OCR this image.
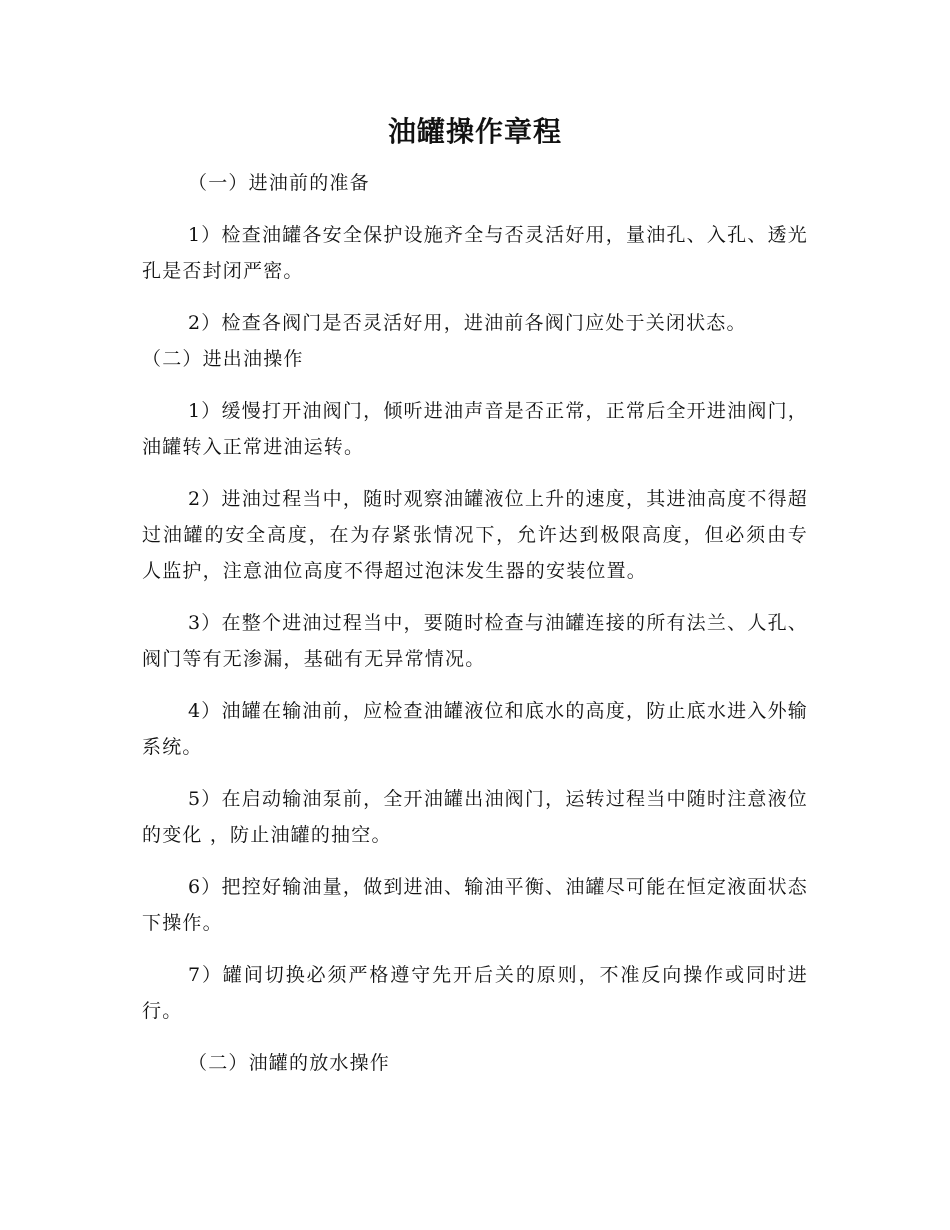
油罐操作章程

（一）进油前的准备

1）检查油罐各安全保护设施齐全与否灵活好用，量油孔、入孔、透光孔是否封闭严密。

2）检查各阀门是否灵活好用，进油前各阀门应处于关闭状态。

（二）进出油操作

1）缓慢打开油阀门，倾听进油声音是否正常，正常后全开进油阀门，油罐转入正常进油运转。

2）进油过程当中，随时观察油罐液位上升的速度，其进油高度不得超过油罐的安全高度，在为存紧张情况下，允许达到极限高度，但必须由专人监护，注意油位高度不得超过泡沫发生器的安装位置。

3）在整个进油过程当中，要随时检查与油罐连接的所有法兰、人孔、阀门等有无渗漏，基础有无异常情况。

4）油罐在输油前，应检查油罐液位和底水的高度，防止底水进入外输系统。

5）在启动输油泵前，全开油罐出油阀门，运转过程当中随时注意液位的变化 ，防止油罐的抽空。

6）把控好输油量，做到进油、输油平衡、油罐尽可能在恒定液面状态下操作。

7）罐间切换必须严格遵守先开后关的原则，不准反向操作或同时进行。

（二）油罐的放水操作
